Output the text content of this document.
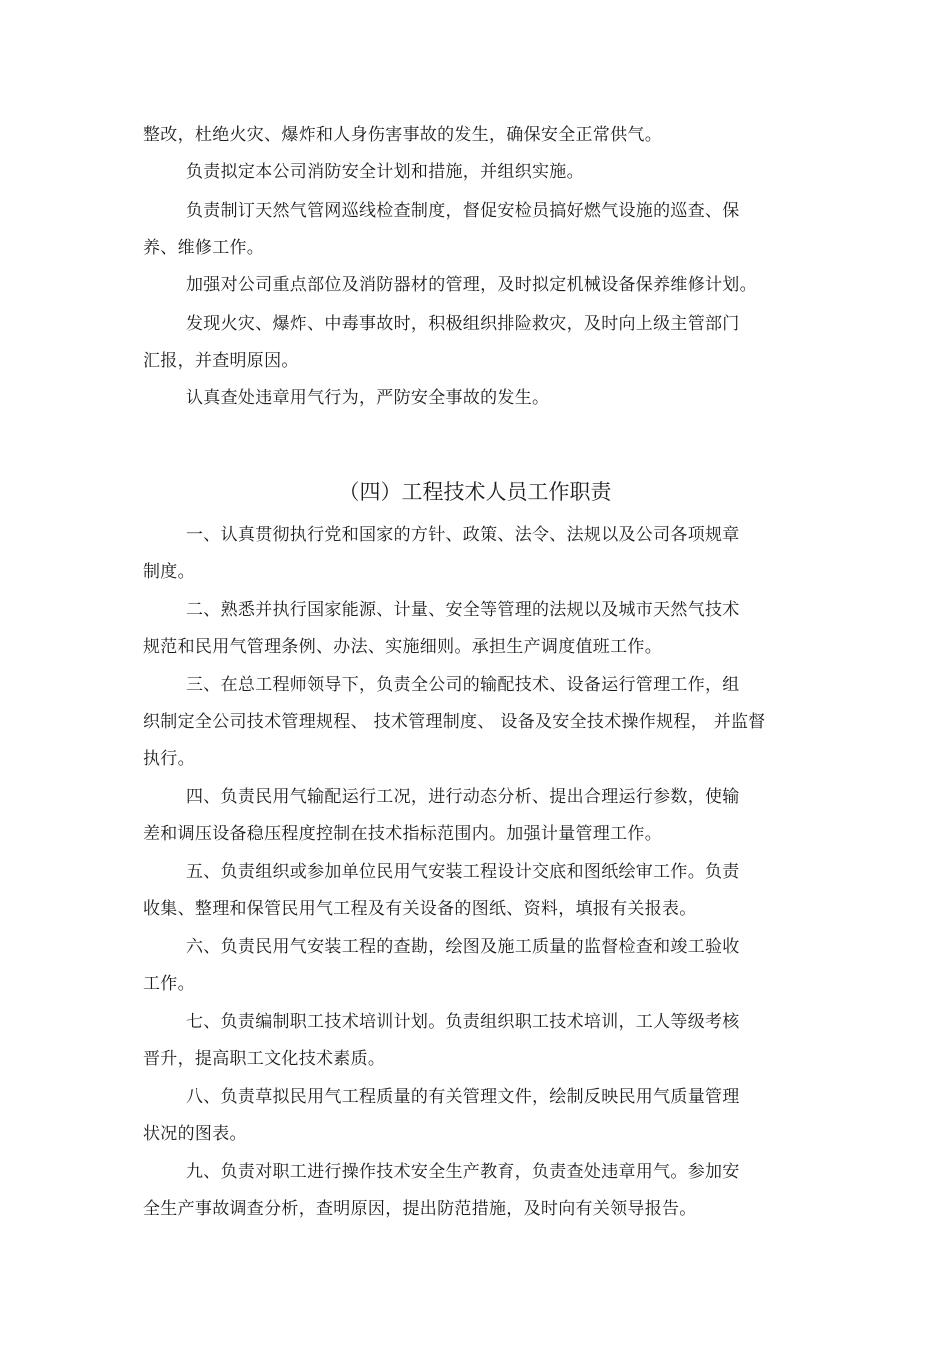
整改，杜绝火灾、爆炸和人身伤害事故的发生，确保安全正常供气。
负责拟定本公司消防安全计划和措施，并组织实施。
负责制订天然气管网巡线检查制度，督促安检员搞好燃气设施的巡查、保
养、维修工作。
加强对公司重点部位及消防器材的管理，及时拟定机械设备保养维修计划。
发现火灾、爆炸、中毒事故时，积极组织排险救灾，及时向上级主管部门
汇报，并查明原因。
认真查处违章用气行为，严防安全事故的发生。
（四）工程技术人员工作职责
一、认真贯彻执行党和国家的方针、政策、法令、法规以及公司各项规章
制度。
二、熟悉并执行国家能源、计量、安全等管理的法规以及城市天然气技术
规范和民用气管理条例、办法、实施细则。承担生产调度值班工作。
三、在总工程师领导下，负责全公司的输配技术、设备运行管理工作，组
织制定全公司技术管理规程、 技术管理制度、 设备及安全技术操作规程， 并监督
执行。
四、负责民用气输配运行工况，进行动态分析、提出合理运行参数，使输
差和调压设备稳压程度控制在技术指标范围内。加强计量管理工作。
五、负责组织或参加单位民用气安装工程设计交底和图纸绘审工作。负责
收集、整理和保管民用气工程及有关设备的图纸、资料，填报有关报表。
六、负责民用气安装工程的查勘，绘图及施工质量的监督检查和竣工验收
工作。
七、负责编制职工技术培训计划。负责组织职工技术培训，工人等级考核
晋升，提高职工文化技术素质。
八、负责草拟民用气工程质量的有关管理文件，绘制反映民用气质量管理
状况的图表。
九、负责对职工进行操作技术安全生产教育，负责查处违章用气。参加安
全生产事故调查分析，查明原因，提出防范措施，及时向有关领导报告。
